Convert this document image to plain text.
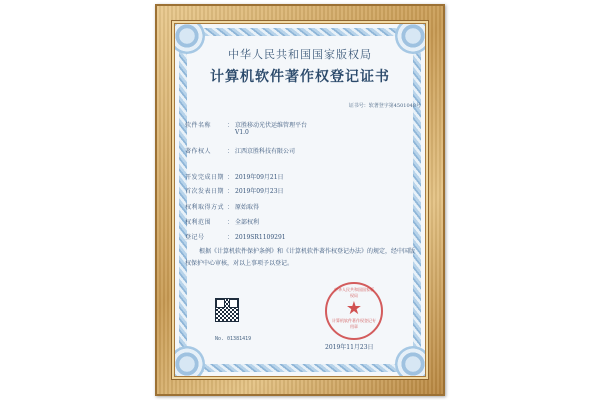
中华人民共和国国家版权局
计算机软件著作权登记证书
证书号：软著登字第4501048号
软件名称	： 京胜移动光伏运维管理平台
V1.0
著作权人	： 江西京胜科技有限公司
开发完成日期 ： 2019年09月21日
首次发表日期 ： 2019年09月23日
权利取得方式 ： 原始取得
权利范围	： 全部权利
登记号	： 2019SR1109291
根据《计算机软件保护条例》和《计算机软件著作权登记办法》的规定，经中国版权保护中心审核，对以上事项予以登记。
No. 01381419
中华人民共和国国家版权局
★
计算机软件著作权登记专用章
2019年11月23日
